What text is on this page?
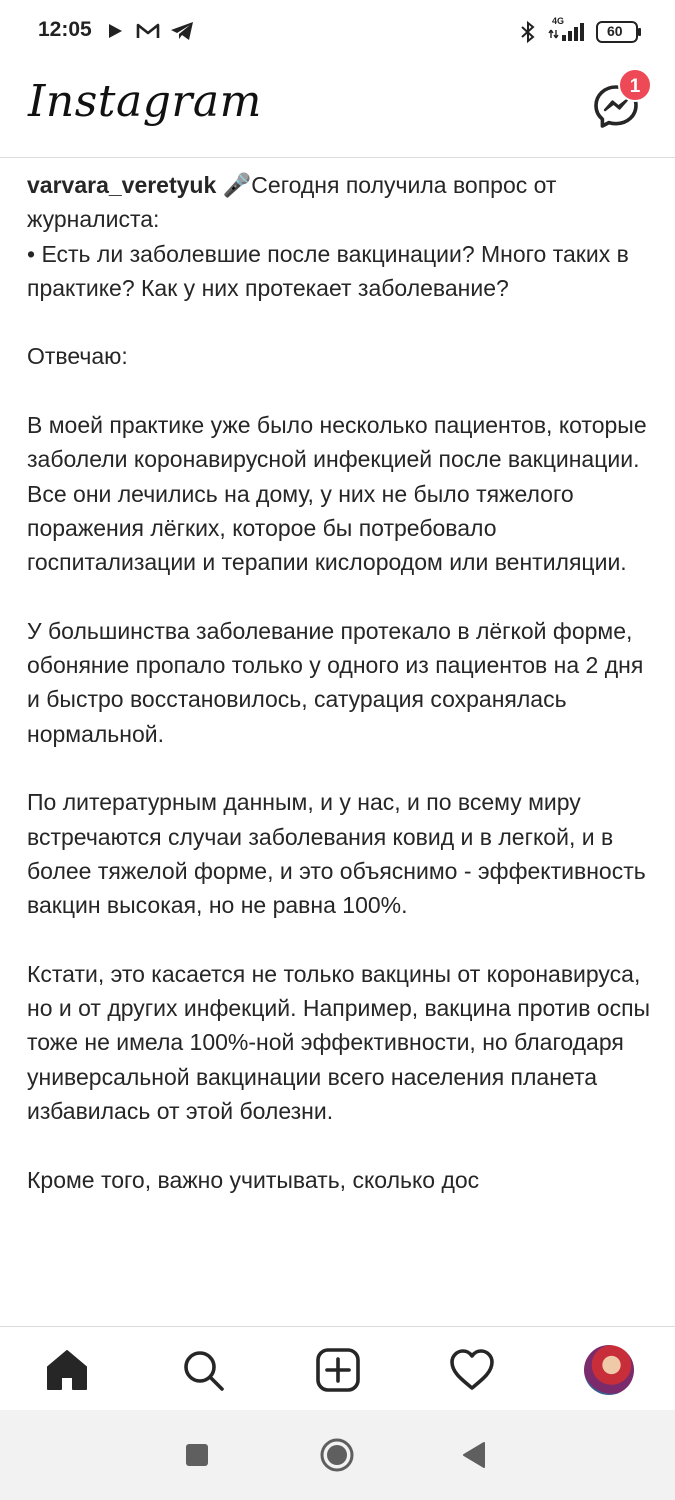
12:05	4G
60
Instagram	1

varvara_veretyuk 🎤Сегодня получила вопрос от журналиста:

• Есть ли заболевшие после вакцинации? Много таких в практике? Как у них протекает заболевание?

Отвечаю:

В моей практике уже было несколько пациентов, которые заболели коронавирусной инфекцией после вакцинации. Все они лечились на дому, у них не было тяжелого поражения лёгких, которое бы потребовало госпитализации и терапии кислородом или вентиляции.

У большинства заболевание протекало в лёгкой форме, обоняние пропало только у одного из пациентов на 2 дня и быстро восстановилось, сатурация сохранялась нормальной.

По литературным данным, и у нас, и по всему миру встречаются случаи заболевания ковид и в легкой, и в более тяжелой форме, и это объяснимо - эффективность вакцин высокая, но не равна 100%.

Кстати, это касается не только вакцины от коронавируса, но и от других инфекций. Например, вакцина против оспы тоже не имела 100%-ной эффективности, но благодаря универсальной вакцинации всего населения планета избавилась от этой болезни.

Кроме того, важно учитывать, сколько дос
